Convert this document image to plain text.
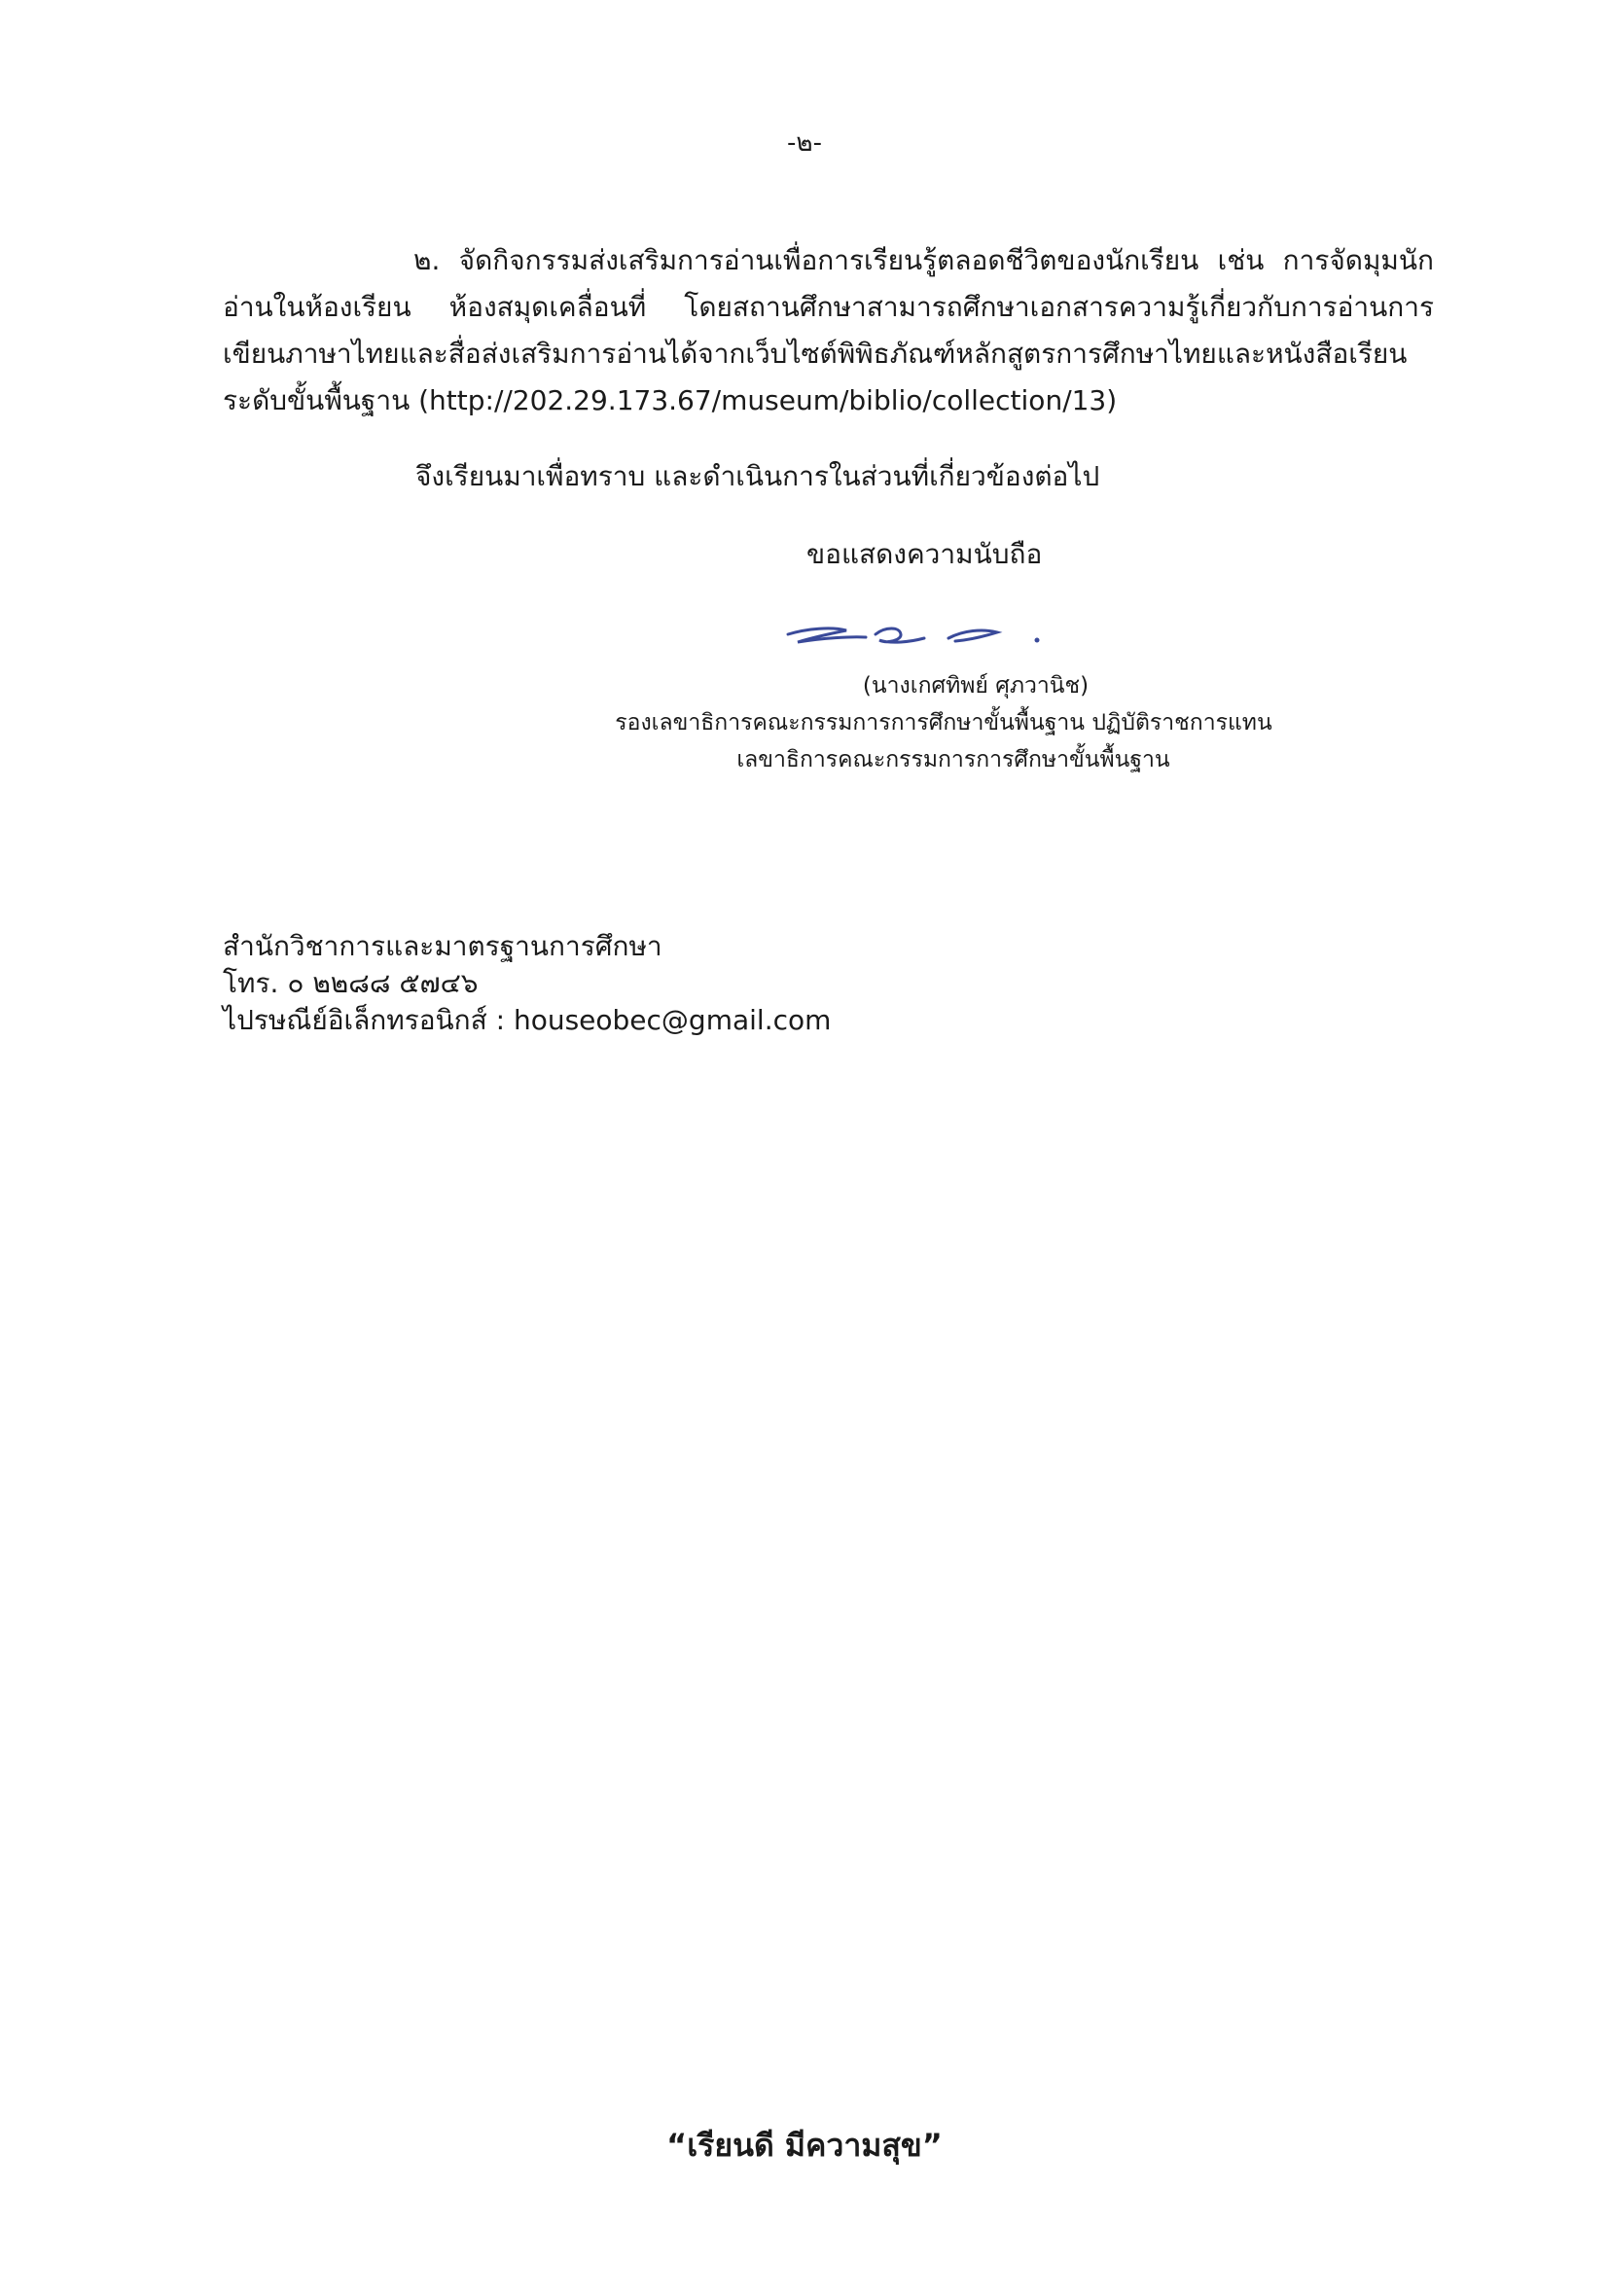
-๒-
๒. จัดกิจกรรมส่งเสริมการอ่านเพื่อการเรียนรู้ตลอดชีวิตของนักเรียน เช่น การจัดมุมนักอ่านในห้องเรียน ห้องสมุดเคลื่อนที่ โดยสถานศึกษาสามารถศึกษาเอกสารความรู้เกี่ยวกับการอ่านการเขียนภาษาไทยและสื่อส่งเสริมการอ่านได้จากเว็บไซต์พิพิธภัณฑ์หลักสูตรการศึกษาไทยและหนังสือเรียนระดับขั้นพื้นฐาน (http://202.29.173.67/museum/biblio/collection/13)
จึงเรียนมาเพื่อทราบ และดำเนินการในส่วนที่เกี่ยวข้องต่อไป
ขอแสดงความนับถือ
(นางเกศทิพย์ ศุภวานิช)
รองเลขาธิการคณะกรรมการการศึกษาขั้นพื้นฐาน ปฏิบัติราชการแทน
เลขาธิการคณะกรรมการการศึกษาขั้นพื้นฐาน
สำนักวิชาการและมาตรฐานการศึกษา
โทร. ๐ ๒๒๘๘ ๕๗๔๖
ไปรษณีย์อิเล็กทรอนิกส์ : houseobec@gmail.com
“เรียนดี มีความสุข”
